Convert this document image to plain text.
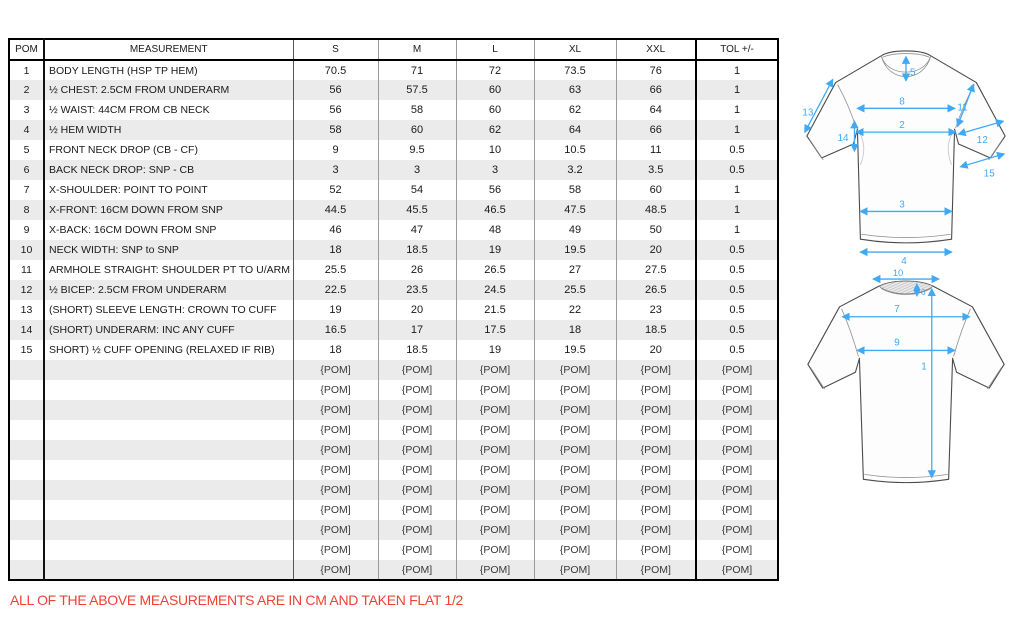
POM	MEASUREMENT	S	M	L	XL	XXL	TOL +/-
1	BODY LENGTH (HSP TP HEM)	70.5	71	72	73.5	76	1
2	½ CHEST: 2.5CM FROM UNDERARM	56	57.5	60	63	66	1
3	½ WAIST: 44CM FROM CB NECK	56	58	60	62	64	1
4	½ HEM WIDTH	58	60	62	64	66	1
5	FRONT NECK DROP (CB - CF)	9	9.5	10	10.5	11	0.5
6	BACK NECK DROP: SNP - CB	3	3	3	3.2	3.5	0.5
7	X-SHOULDER: POINT TO POINT	52	54	56	58	60	1
8	X-FRONT: 16CM DOWN FROM SNP	44.5	45.5	46.5	47.5	48.5	1
9	X-BACK: 16CM DOWN FROM SNP	46	47	48	49	50	1
10	NECK WIDTH: SNP to SNP	18	18.5	19	19.5	20	0.5
11	ARMHOLE STRAIGHT: SHOULDER PT TO U/ARM	25.5	26	26.5	27	27.5	0.5
12	½ BICEP: 2.5CM FROM UNDERARM	22.5	23.5	24.5	25.5	26.5	0.5
13	(SHORT) SLEEVE LENGTH: CROWN TO CUFF	19	20	21.5	22	23	0.5
14	(SHORT) UNDERARM: INC ANY CUFF	16.5	17	17.5	18	18.5	0.5
15	SHORT) ½ CUFF OPENING (RELAXED IF RIB)	18	18.5	19	19.5	20	0.5
		{POM]	{POM]	{POM]	{POM]	{POM]	{POM]
		{POM]	{POM]	{POM]	{POM]	{POM]	{POM]
		{POM]	{POM]	{POM]	{POM]	{POM]	{POM]
		{POM]	{POM]	{POM]	{POM]	{POM]	{POM]
		{POM]	{POM]	{POM]	{POM]	{POM]	{POM]
		{POM]	{POM]	{POM]	{POM]	{POM]	{POM]
		{POM]	{POM]	{POM]	{POM]	{POM]	{POM]
		{POM]	{POM]	{POM]	{POM]	{POM]	{POM]
		{POM]	{POM]	{POM]	{POM]	{POM]	{POM]
		{POM]	{POM]	{POM]	{POM]	{POM]	{POM]
		{POM]	{POM]	{POM]	{POM]	{POM]	{POM]
ALL OF THE ABOVE MEASUREMENTS ARE IN CM AND TAKEN FLAT 1/2
5
8
2
3
4
13
14
11
12
15
10
6
7
9
1
